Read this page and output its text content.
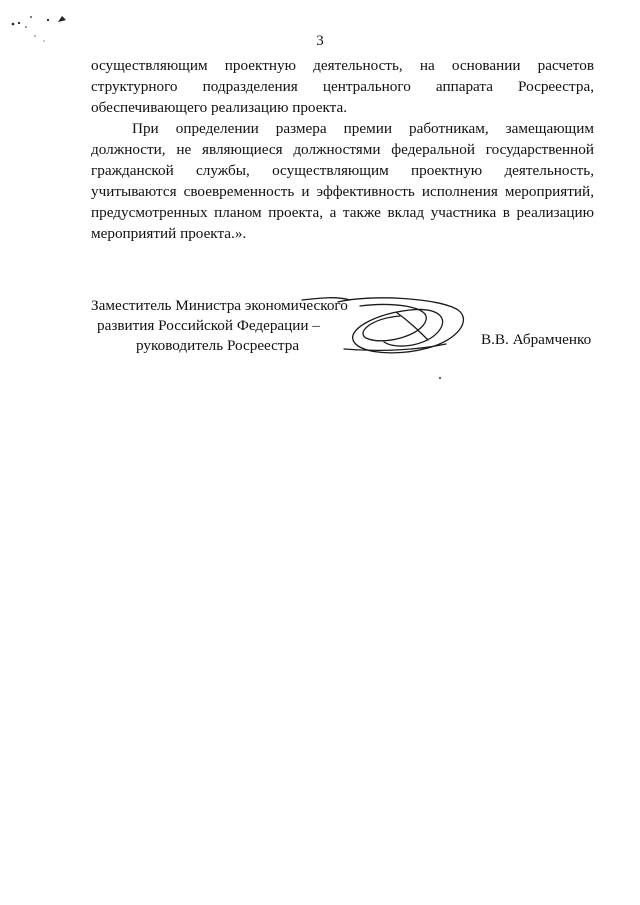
3
осуществляющим проектную деятельность, на основании расчетов
структурного подразделения центрального аппарата Росреестра,
обеспечивающего реализацию проекта.
При определении размера премии работникам, замещающим
должности, не являющиеся должностями федеральной государственной
гражданской службы, осуществляющим проектную деятельность,
учитываются своевременность и эффективность исполнения мероприятий,
предусмотренных планом проекта, а также вклад участника в реализацию
мероприятий проекта.».
Заместитель Министра экономического
развития Российской Федерации –
руководитель Росреестра	В.В. Абрамченко
